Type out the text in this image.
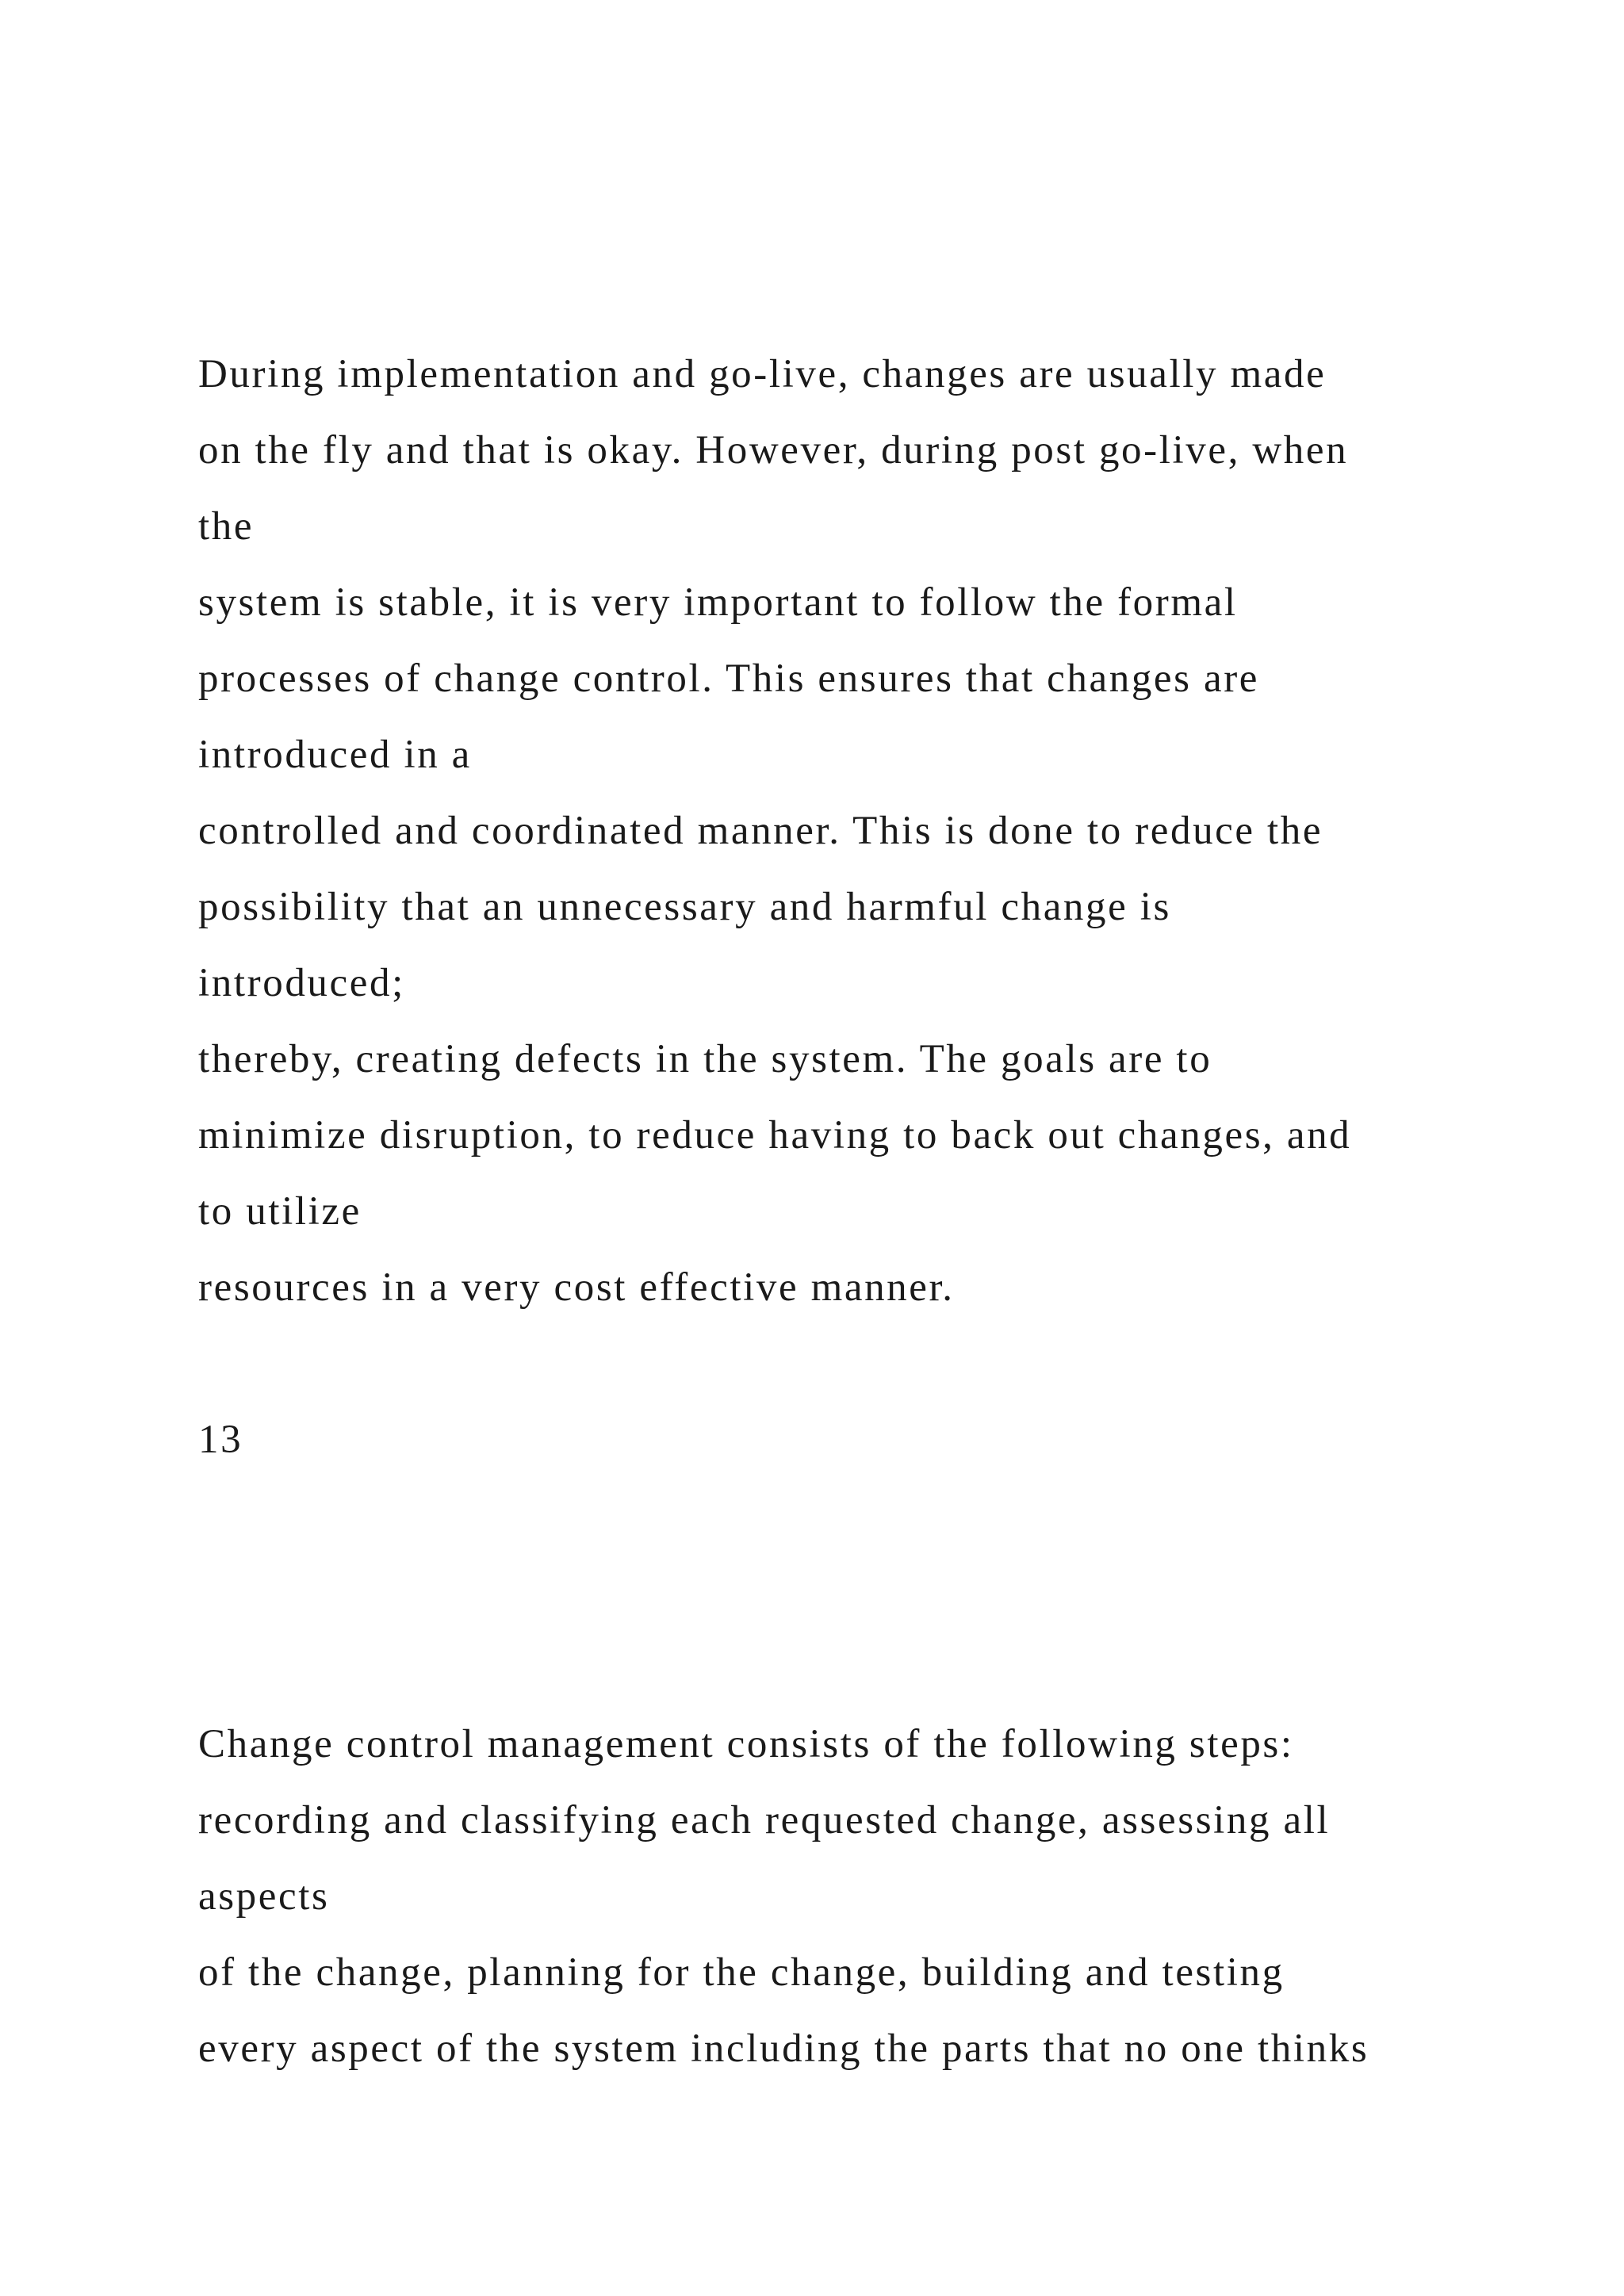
During implementation and go-live, changes are usually made

on the fly and that is okay. However, during post go-live, when

the

system is stable, it is very important to follow the formal

processes of change control. This ensures that changes are

introduced in a

controlled and coordinated manner. This is done to reduce the

possibility that an unnecessary and harmful change is

introduced;

thereby, creating defects in the system. The goals are to

minimize disruption, to reduce having to back out changes, and

to utilize

resources in a very cost effective manner.

13

Change control management consists of the following steps:

recording and classifying each requested change, assessing all

aspects

of the change, planning for the change, building and testing

every aspect of the system including the parts that no one thinks
